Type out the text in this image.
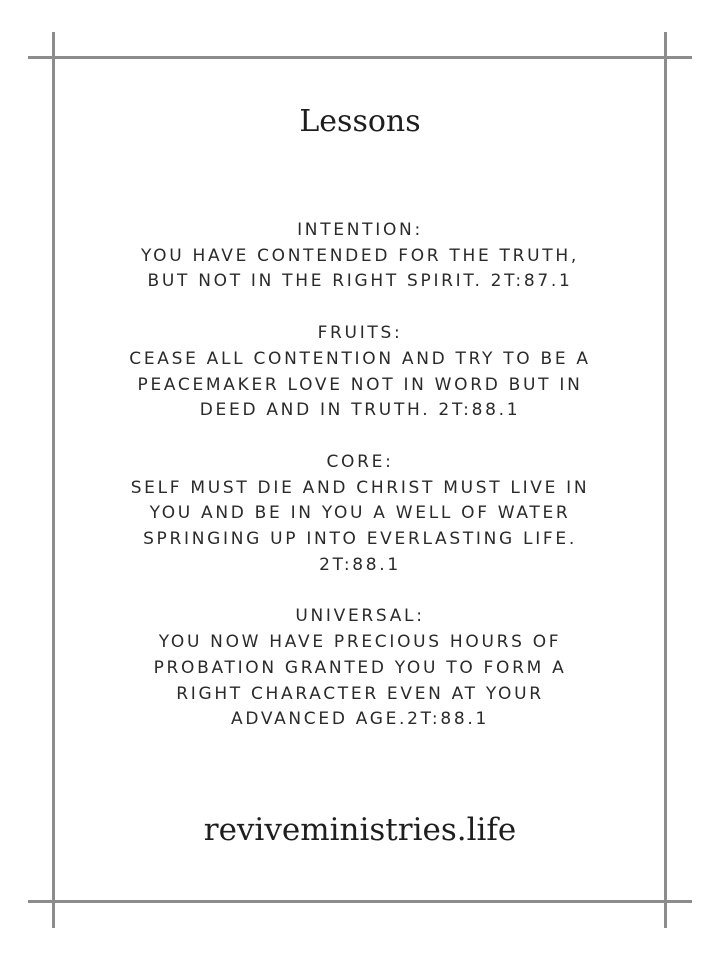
Lessons
INTENTION:
YOU HAVE CONTENDED FOR THE TRUTH,
BUT NOT IN THE RIGHT SPIRIT. 2T:87.1
FRUITS:
CEASE ALL CONTENTION AND TRY TO BE A
PEACEMAKER LOVE NOT IN WORD BUT IN
DEED AND IN TRUTH. 2T:88.1
CORE:
SELF MUST DIE AND CHRIST MUST LIVE IN
YOU AND BE IN YOU A WELL OF WATER
SPRINGING UP INTO EVERLASTING LIFE.
2T:88.1
UNIVERSAL:
YOU NOW HAVE PRECIOUS HOURS OF
PROBATION GRANTED YOU TO FORM A
RIGHT CHARACTER EVEN AT YOUR
ADVANCED AGE.2T:88.1
reviveministries.life
